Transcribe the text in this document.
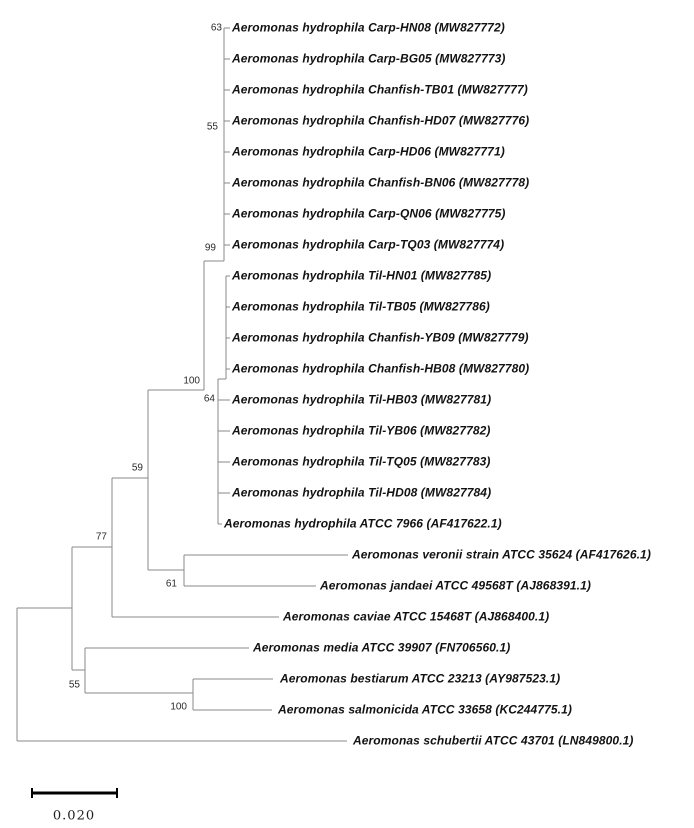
Aeromonas hydrophila Carp-HN08 (MW827772)
Aeromonas hydrophila Carp-BG05 (MW827773)
Aeromonas hydrophila Chanfish-TB01 (MW827777)
Aeromonas hydrophila Chanfish-HD07 (MW827776)
Aeromonas hydrophila Carp-HD06 (MW827771)
Aeromonas hydrophila Chanfish-BN06 (MW827778)
Aeromonas hydrophila Carp-QN06 (MW827775)
Aeromonas hydrophila Carp-TQ03 (MW827774)
Aeromonas hydrophila Til-HN01 (MW827785)
Aeromonas hydrophila Til-TB05 (MW827786)
Aeromonas hydrophila Chanfish-YB09 (MW827779)
Aeromonas hydrophila Chanfish-HB08 (MW827780)
Aeromonas hydrophila Til-HB03 (MW827781)
Aeromonas hydrophila Til-YB06 (MW827782)
Aeromonas hydrophila Til-TQ05 (MW827783)
Aeromonas hydrophila Til-HD08 (MW827784)
Aeromonas hydrophila ATCC 7966 (AF417622.1)
Aeromonas veronii strain ATCC 35624 (AF417626.1)
Aeromonas jandaei ATCC 49568T (AJ868391.1)
Aeromonas caviae ATCC 15468T (AJ868400.1)
Aeromonas media ATCC 39907 (FN706560.1)
Aeromonas bestiarum ATCC 23213 (AY987523.1)
Aeromonas salmonicida ATCC 33658 (KC244775.1)
Aeromonas schubertii ATCC 43701 (LN849800.1)
63
55
99
100
64
59
77
61
55
100
0.020
